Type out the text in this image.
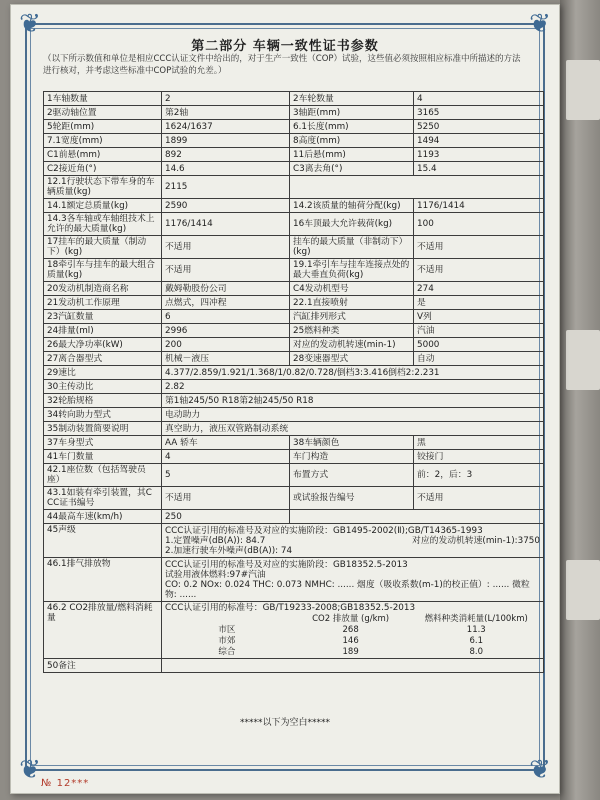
❦	❦
❦	❦
第二部分 车辆一致性证书参数
（以下所示数值和单位是相应CCC认证文件中给出的，对于生产一致性（COP）试验，这些值必须按照相应标准中所描述的方法进行核对，并考虑这些标准中COP试验的允差。）
1车轴数量	2	2车轮数量	4
2驱动轴位置	第2轴	3轴距(mm)	3165
5轮距(mm)	1624/1637	6.1长度(mm)	5250
7.1宽度(mm)	1899	8高度(mm)	1494
C1前悬(mm)	892	11后悬(mm)	1193
C2接近角(°)	14.6	C3离去角(°)	15.4
12.1行驶状态下带车身的车辆质量(kg)	2115	
14.1额定总质量(kg)	2590	14.2该质量的轴荷分配(kg)	1176/1414
14.3各车轴或车轴组技术上允许的最大质量(kg)	1176/1414	16车顶最大允许载荷(kg)	100
17挂车的最大质量（制动下）(kg)	不适用	挂车的最大质量（非制动下）(kg)	不适用
18牵引车与挂车的最大组合质量(kg)	不适用	19.1牵引车与挂车连接点处的最大垂直负荷(kg)	不适用
20发动机制造商名称	戴姆勒股份公司	C4发动机型号	274
21发动机工作原理	点燃式，四冲程	22.1直接喷射	是
23汽缸数量	6	汽缸排列形式	V列
24排量(ml)	2996	25燃料种类	汽油
26最大净功率(kW)	200	对应的发动机转速(min-1)	5000
27离合器型式	机械－液压	28变速器型式	自动
29速比	4.377/2.859/1.921/1.368/1/0.82/0.728/倒档3:3.416倒档2:2.231
30主传动比	2.82
32轮胎规格	第1轴245/50 R18第2轴245/50 R18
34转向助力型式	电动助力
35制动装置简要说明	真空助力，液压双管路制动系统
37车身型式	AA 轿车	38车辆颜色	黑
41车门数量	4	车门构造	铰接门
42.1座位数（包括驾驶员座）	5	布置方式	前：2，后：3
43.1如装有牵引装置，其CCC证书编号	不适用	或试验报告编号	不适用
44最高车速(km/h)	250	
45声级	CCC认证引用的标准号及对应的实施阶段：GB1495-2002(Ⅱ);GB/T14365-1993
1.定置噪声(dB(A)): 84.7	对应的发动机转速(min-1):3750
2.加速行驶车外噪声(dB(A)): 74

46.1排气排放物	CCC认证引用的标准号及对应的实施阶段：GB18352.5-2013
试验用液体燃料:97#汽油
CO: 0.2 NOx: 0.024 THC: 0.073 NMHC: ...... 烟度（吸收系数(m-1)的校正值）: ...... 微粒物: ......

46.2 CO2排放量/燃料消耗量	
CCC认证引用的标准号：GB/T19233-2008;GB18352.5-2013
	CO2 排放量 (g/km)	燃料种类消耗量(L/100km)
市区	268	11.3
市郊	146	6.1
综合	189	8.0

50备注	
*****以下为空白*****
№ 12***
